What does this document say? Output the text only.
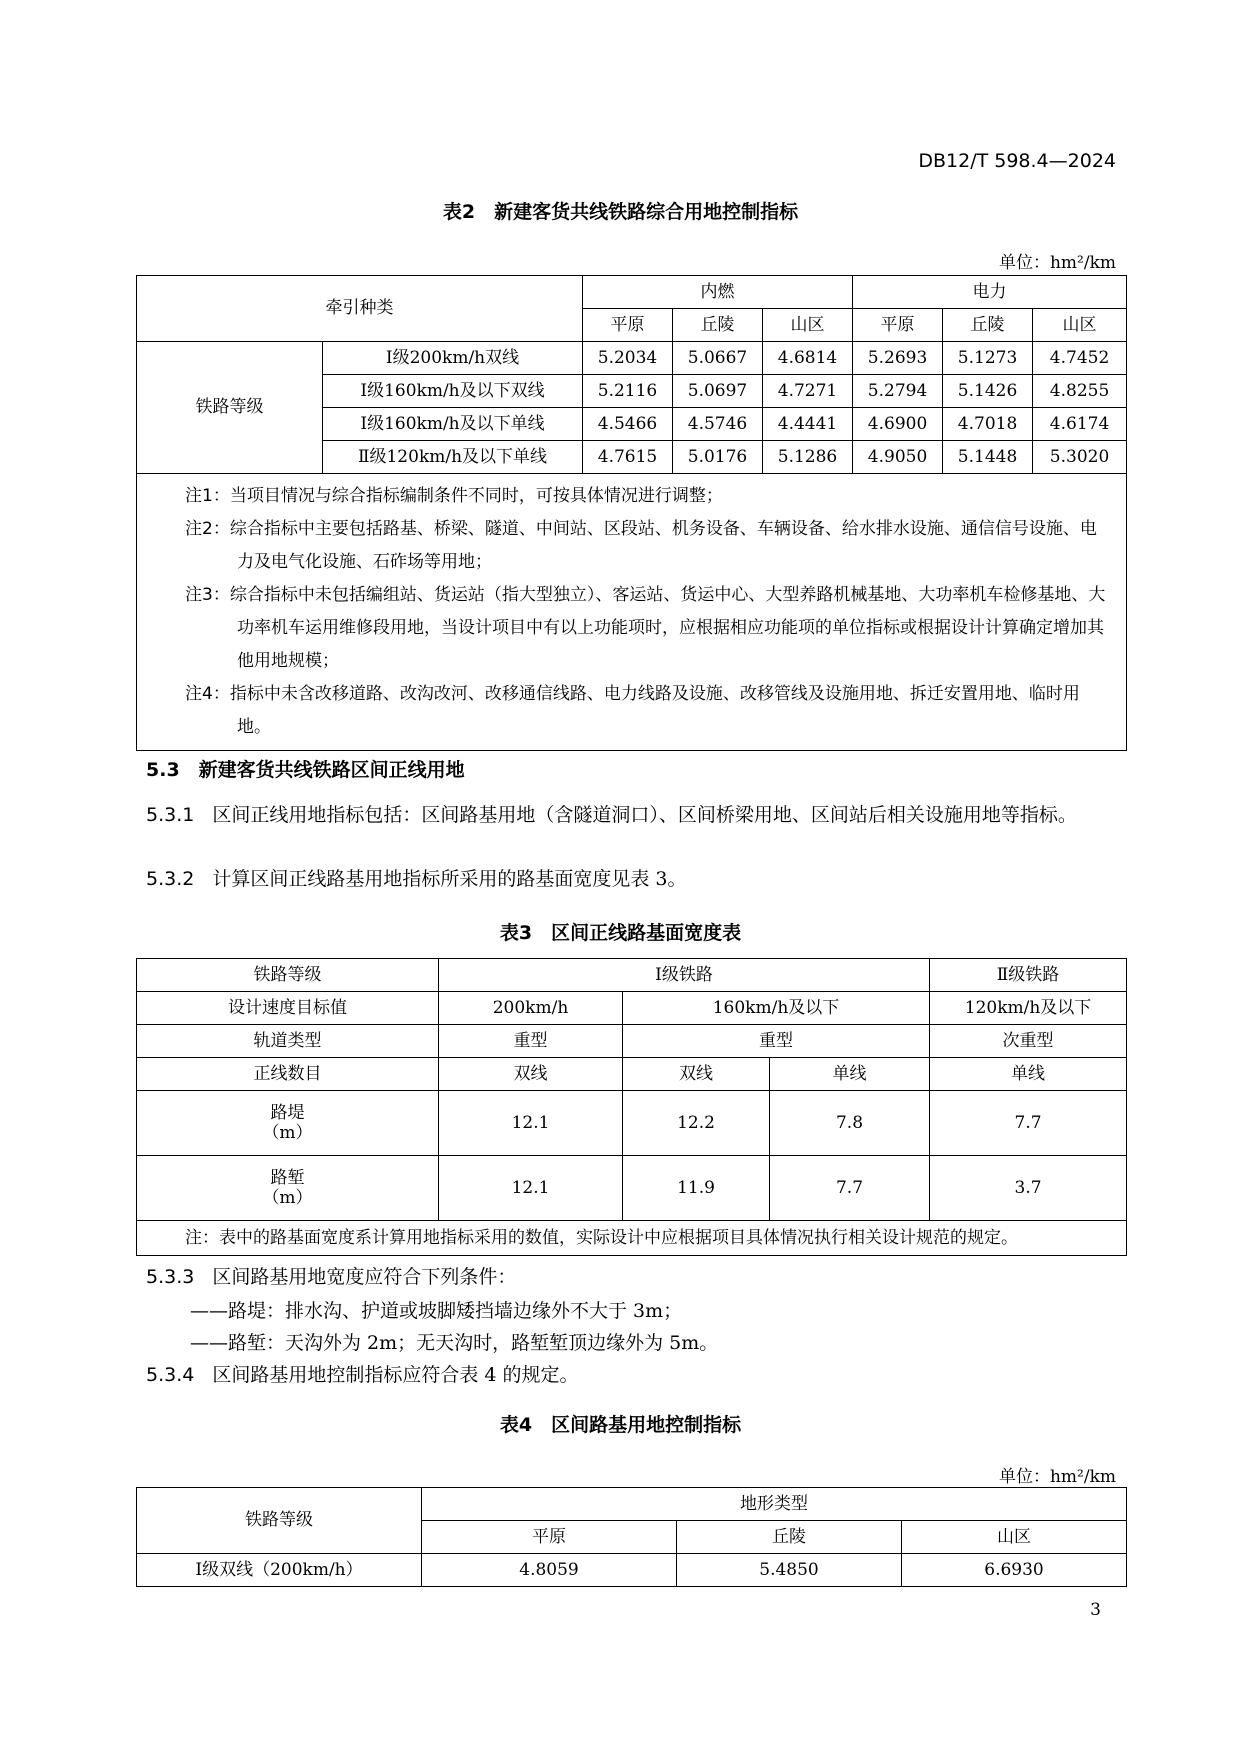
DB12/T 598.4—2024
表2　新建客货共线铁路综合用地控制指标
单位：hm²/km
牵引种类		内燃			电力		
		平原	丘陵	山区	平原	丘陵	山区
铁路等级	Ⅰ级200km/h双线	5.2034	5.0667	4.6814	5.2693	5.1273	4.7452
	Ⅰ级160km/h及以下双线	5.2116	5.0697	4.7271	5.2794	5.1426	4.8255
	Ⅰ级160km/h及以下单线	4.5466	4.5746	4.4441	4.6900	4.7018	4.6174
	Ⅱ级120km/h及以下单线	4.7615	5.0176	5.1286	4.9050	5.1448	5.3020

注1：当项目情况与综合指标编制条件不同时，可按具体情况进行调整；
注2：综合指标中主要包括路基、桥梁、隧道、中间站、区段站、机务设备、车辆设备、给水排水设施、通信信号设施、电力及电气化设施、石砟场等用地；
注3：综合指标中未包括编组站、货运站（指大型独立）、客运站、货运中心、大型养路机械基地、大功率机车检修基地、大功率机车运用维修段用地，当设计项目中有以上功能项时，应根据相应功能项的单位指标或根据设计计算确定增加其他用地规模；
注4：指标中未含改移道路、改沟改河、改移通信线路、电力线路及设施、改移管线及设施用地、拆迁安置用地、临时用地。							
5.3　新建客货共线铁路区间正线用地
5.3.1 区间正线用地指标包括：区间路基用地（含隧道洞口）、区间桥梁用地、区间站后相关设施用地等指标。
5.3.2 计算区间正线路基用地指标所采用的路基面宽度见表 3。
表3　区间正线路基面宽度表
铁路等级	Ⅰ级铁路			Ⅱ级铁路
设计速度目标值	200km/h	160km/h及以下		120km/h及以下
轨道类型	重型	重型		次重型
正线数目	双线	双线	单线	单线

路堤
（m）	12.1	12.2	7.8	7.7

路堑
（m）	12.1	11.9	7.7	3.7
注：表中的路基面宽度系计算用地指标采用的数值，实际设计中应根据项目具体情况执行相关设计规范的规定。				
5.3.3 区间路基用地宽度应符合下列条件：
——路堤：排水沟、护道或坡脚矮挡墙边缘外不大于 3m；
——路堑：天沟外为 2m；无天沟时，路堑堑顶边缘外为 5m。
5.3.4 区间路基用地控制指标应符合表 4 的规定。
表4　区间路基用地控制指标
单位：hm²/km
铁路等级	地形类型		
	平原	丘陵	山区
Ⅰ级双线（200km/h）	4.8059	5.4850	6.6930
3
